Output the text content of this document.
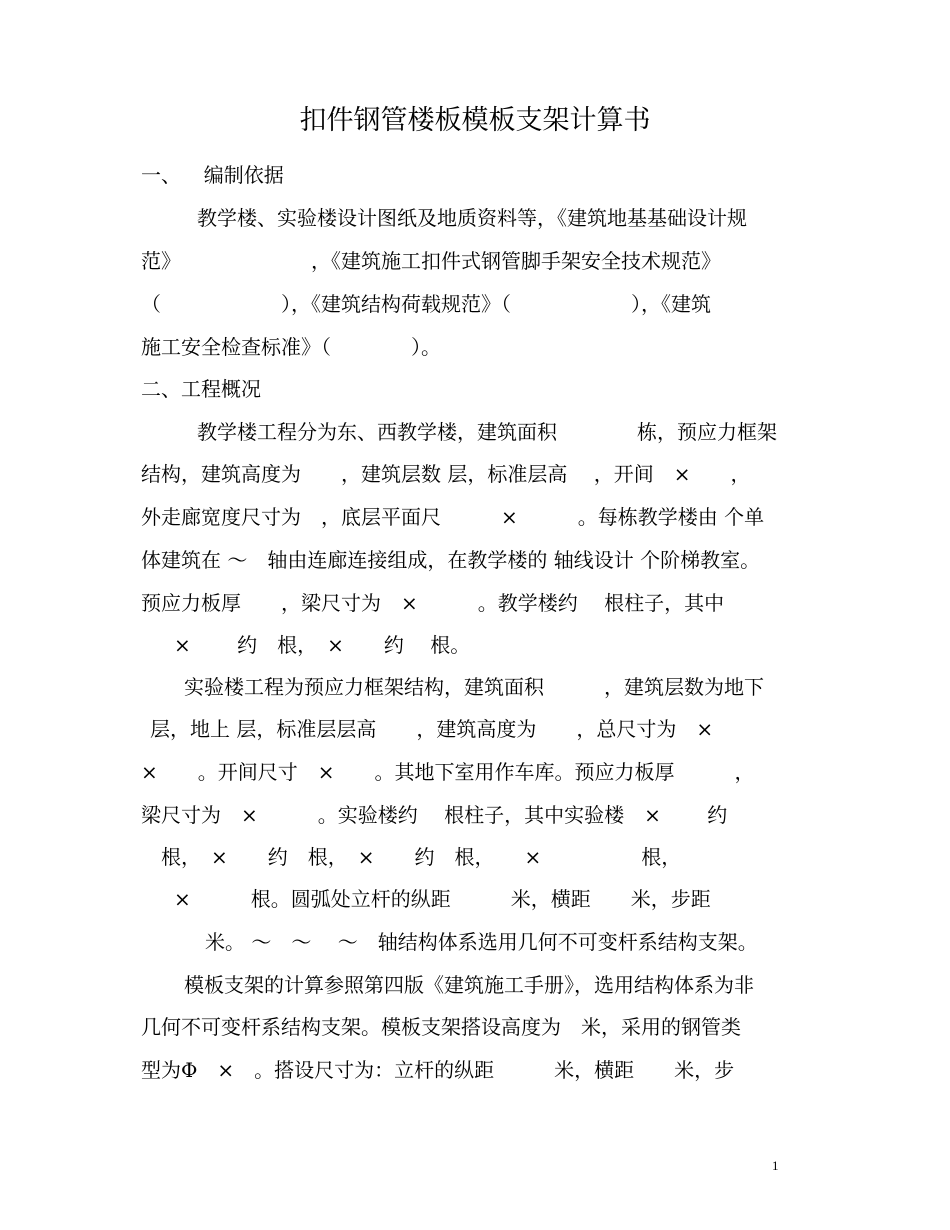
扣件钢管楼板模板支架计算书
一、　  编制依据
教学楼、实验楼设计图纸及地质资料等，《建筑地基基础设计规
范》　　　　　　　，《建筑施工扣件式钢管脚手架安全技术规范》
（　　　　　　），《建筑结构荷载规范》（　　　　　　），《建筑
施工安全检查标准》（　　　　）。
二、工程概况
教学楼工程分为东、西教学楼，建筑面积　　　　栋，预应力框架
结构，建筑高度为　　，建筑层数 层，标准层高　 ，开间　×　　，
外走廊宽度尺寸为　，底层平面尺　　　×　　　。每栋教学楼由 个单
体建筑在 ～　轴由连廊连接组成，在教学楼的 轴线设计 个阶梯教室。
预应力板厚　　，梁尺寸为　×　　　。教学楼约　 根柱子，其中
×　　 约　根，　×　　约　 根。
实验楼工程为预应力框架结构，建筑面积　　　，建筑层数为地下
层，地上 层，标准层层高　　，建筑高度为　　，总尺寸为　×
×　　。开间尺寸　×　　。其地下室用作车库。预应力板厚　　　，
梁尺寸为　×　　　。实验楼约　 根柱子，其中实验楼　×　　 约
根，　×　　约　根，　×　　约　根，　　×　　　　　根，
×　　　根。圆弧处立杆的纵距　　　米，横距　　米，步距
米。 ～　～　 ～　轴结构体系选用几何不可变杆系结构支架。
模板支架的计算参照第四版《建筑施工手册》，选用结构体系为非
几何不可变杆系结构支架。模板支架搭设高度为　米，采用的钢管类
型为Φ　×　。搭设尺寸为：立杆的纵距　　　米，横距　　米，步
1
